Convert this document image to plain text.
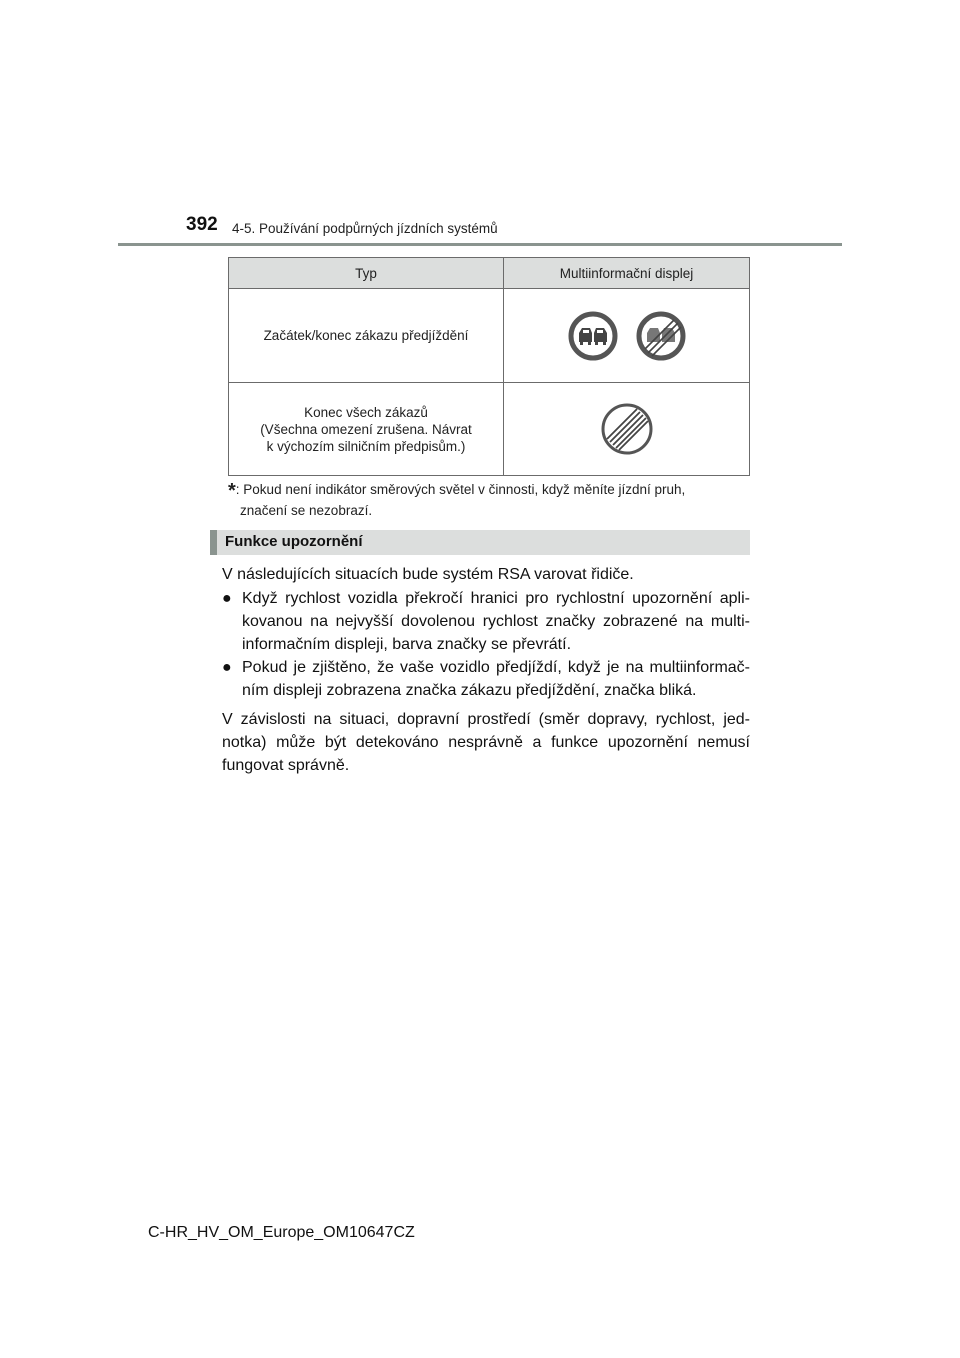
392 4-5. Používání podpůrných jízdních systémů
Typ	Multiinformační displej
Začátek/konec zákazu předjíždění	

Konec všech zákazů
(Všechna omezení zrušena. Návrat
k výchozím silničním předpisům.)

*: Pokud není indikátor směrových světel v činnosti, když měníte jízdní pruh,
značení se nezobrazí.
Funkce upozornění
V následujících situacích bude systém RSA varovat řidiče.
● Když rychlost vozidla překročí hranici pro rychlostní upozornění apli-kovanou na nejvyšší dovolenou rychlost značky zobrazené na multi-informačním displeji, barva značky se převrátí.
● Pokud je zjištěno, že vaše vozidlo předjíždí, když je na multiinformač-ním displeji zobrazena značka zákazu předjíždění, značka bliká.
V závislosti na situaci, dopravní prostředí (směr dopravy, rychlost, jed-notka) může být detekováno nesprávně a funkce upozornění nemusí fungovat správně.
C-HR_HV_OM_Europe_OM10647CZ
